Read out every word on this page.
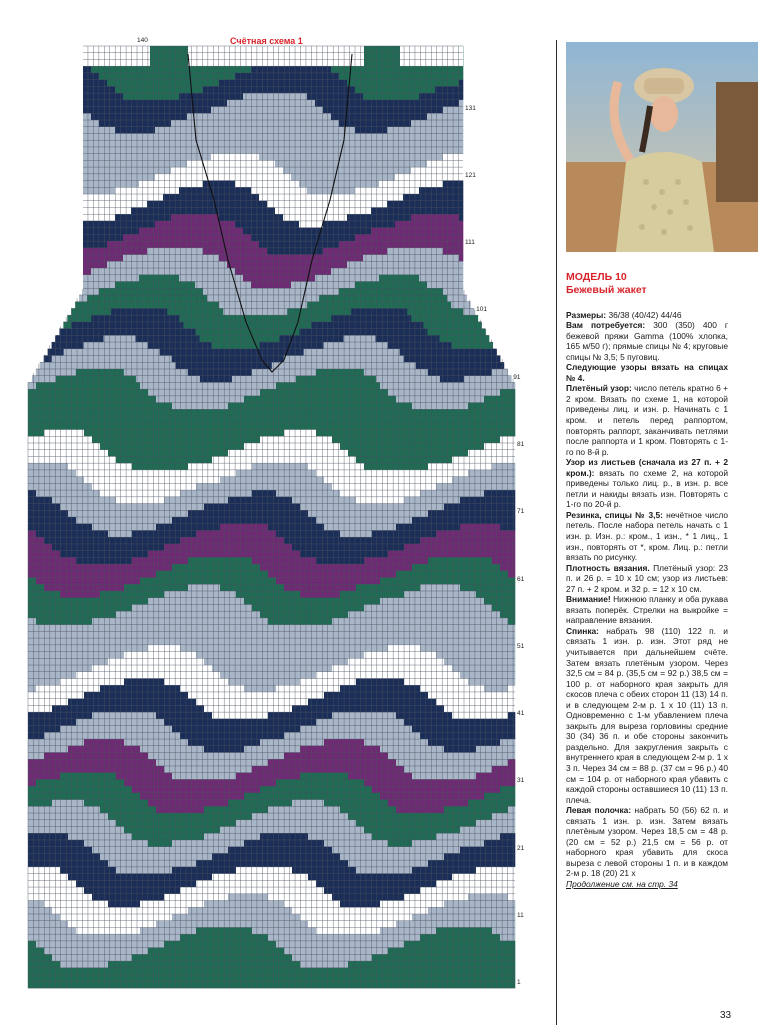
Счётная схема 1
140
131
121
111
101
91
81
71
61
51
41
31
21
11
1
МОДЕЛЬ 10
Бежевый жакет

Размеры: 36/38 (40/42) 44/46

Вам потребуется: 300 (350) 400 г бежевой пряжи Gamma (100% хлопка, 165 м/50 г); прямые спицы № 4; круговые спицы № 3,5; 5 пуговиц.

Следующие узоры вязать на спицах № 4.

Плетёный узор: число петель кратно 6 + 2 кром. Вязать по схеме 1, на которой приведены лиц. и изн. р. Начинать с 1 кром. и петель перед раппортом, повторять раппорт, заканчивать петлями после раппорта и 1 кром. Повторять с 1-го по 8-й р.

Узор из листьев (сначала из 27 п. + 2 кром.): вязать по схеме 2, на которой приведены только лиц. р., в изн. р. все петли и накиды вязать изн. Повторять с 1-го по 20-й р.

Резинка, спицы № 3,5: нечётное число петель. После набора петель начать с 1 изн. р. Изн. р.: кром., 1 изн., * 1 лиц., 1 изн., повторять от *, кром. Лиц. р.: петли вязать по рисунку.

Плотность вязания. Плетёный узор: 23 п. и 26 р. = 10 х 10 см; узор из листьев: 27 п. + 2 кром. и 32 р. = 12 х 10 см.

Внимание! Нижнюю планку и оба рукава вязать поперёк. Стрелки на выкройке = направление вязания.

Спинка: набрать 98 (110) 122 п. и связать 1 изн. р. изн. Этот ряд не учитывается при дальнейшем счёте. Затем вязать плетёным узором. Через 32,5 см = 84 р. (35,5 см = 92 р.) 38,5 см = 100 р. от наборного края закрыть для скосов плеча с обеих сторон 11 (13) 14 п. и в следующем 2-м р. 1 х 10 (11) 13 п. Одновременно с 1-м убавлением плеча закрыть для выреза горловины средние 30 (34) 36 п. и обе стороны закончить раздельно. Для закругления закрыть с внутреннего края в следующем 2-м р. 1 х 3 п. Через 34 см = 88 р. (37 см = 96 р.) 40 см = 104 р. от наборного края убавить с каждой стороны оставшиеся 10 (11) 13 п. плеча.

Левая полочка: набрать 50 (56) 62 п. и связать 1 изн. р. изн. Затем вязать плетёным узором. Через 18,5 см = 48 р. (20 см = 52 р.) 21,5 см = 56 р. от наборного края убавить для скоса выреза с левой стороны 1 п. и в каждом 2-м р. 18 (20) 21 х

Продолжение см. на стр. 34

33
